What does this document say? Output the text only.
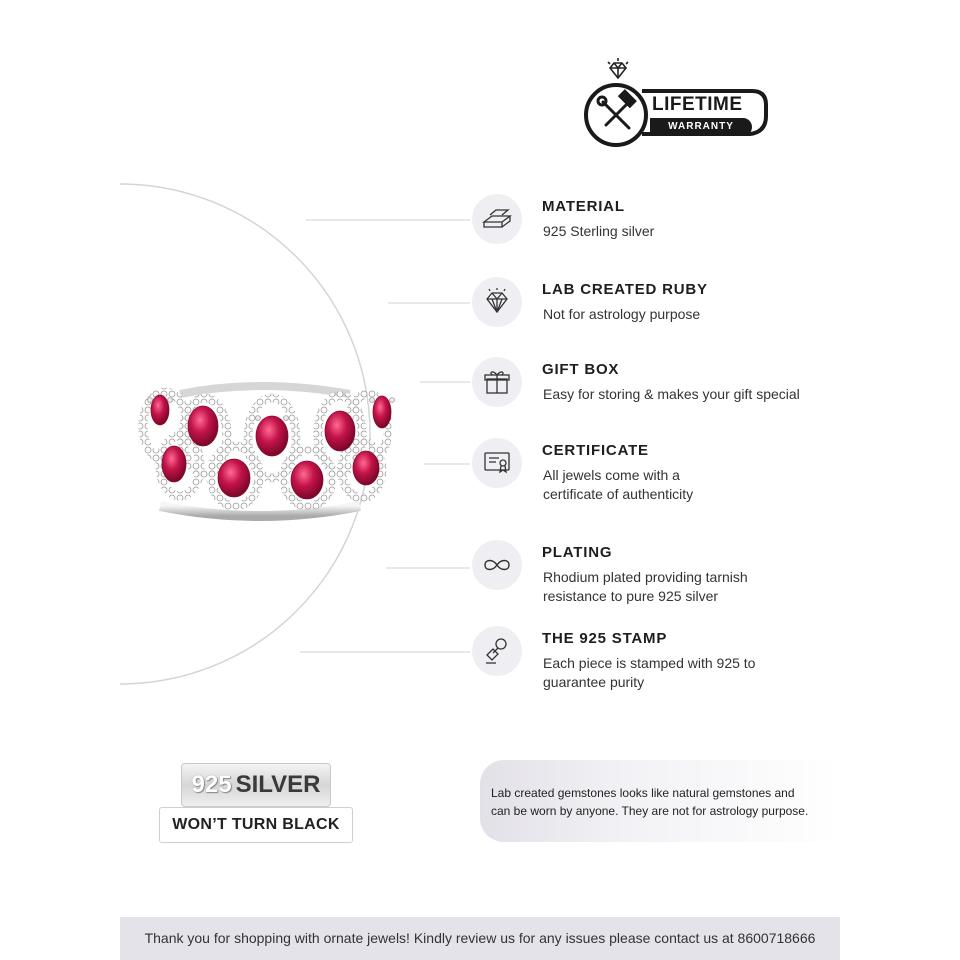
LIFETIME
WARRANTY
MATERIAL
925 Sterling silver
LAB CREATED RUBY
Not for astrology purpose
GIFT BOX
Easy for storing & makes your gift special
CERTIFICATE
All jewels come with a
certificate of authenticity
PLATING
Rhodium plated providing tarnish
resistance to pure 925 silver
THE 925 STAMP
Each piece is stamped with 925 to
guarantee purity
925 SILVER
WON’T TURN BLACK

Lab created gemstones looks like natural gemstones and
can be worn by anyone. They are not for astrology purpose.

Thank you for shopping with ornate jewels! Kindly review us for any issues please contact us at 8600718666
